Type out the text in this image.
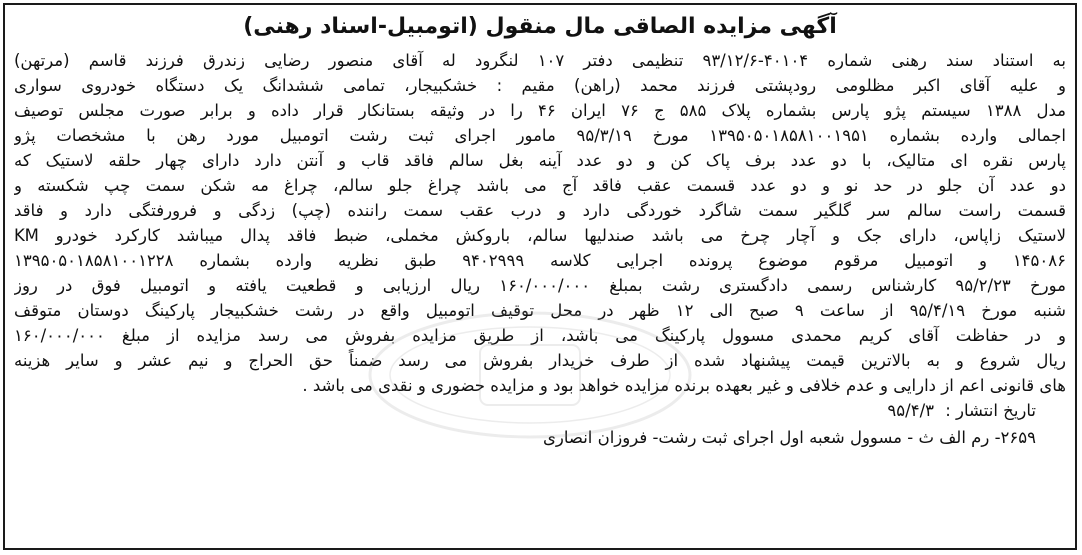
آگهی مزایده الصاقی مال منقول (اتومبیل-اسناد رهنی)
به استناد سند رهنی شماره ۴۰۱۰۴-۹۳/۱۲/۶ تنظیمی دفتر ۱۰۷ لنگرود له آقای منصور رضایی زندرق فرزند قاسم (مرتهن)
و علیه آقای اکبر مظلومی رودپشتی فرزند محمد (راهن) مقیم : خشکبیجار، تمامی ششدانگ یک دستگاه خودروی سواری
مدل ۱۳۸۸ سیستم پژو پارس بشماره پلاک ۵۸۵ ج ۷۶ ایران ۴۶ را در وثیقه بستانکار قرار داده و برابر صورت مجلس توصیف
اجمالی وارده بشماره ۱۳۹۵۰۵۰۱۸۵۸۱۰۰۱۹۵۱ مورخ ۹۵/۳/۱۹ مامور اجرای ثبت رشت اتومبیل مورد رهن با مشخصات پژو
پارس نقره ای متالیک، با دو عدد برف پاک کن و دو عدد آینه بغل سالم فاقد قاب و آنتن دارد دارای چهار حلقه لاستیک که
دو عدد آن جلو در حد نو و دو عدد قسمت عقب فاقد آج می باشد چراغ جلو سالم، چراغ مه شکن سمت چپ شکسته و
قسمت راست سالم سر گلگیر سمت شاگرد خوردگی دارد و درب عقب سمت راننده (چپ) زدگی و فرورفتگی دارد و فاقد
لاستیک زاپاس، دارای جک و آچار چرخ می باشد صندلیها سالم، باروکش مخملی، ضبط فاقد پدال میباشد کارکرد خودرو KM
۱۴۵۰۸۶ و اتومبیل مرقوم موضوع پرونده اجرایی کلاسه ۹۴۰۲۹۹۹ طبق نظریه وارده بشماره ۱۳۹۵۰۵۰۱۸۵۸۱۰۰۱۲۲۸
مورخ ۹۵/۲/۲۳ کارشناس رسمی دادگستری رشت بمبلغ ۱۶۰/۰۰۰/۰۰۰ ریال ارزیابی و قطعیت یافته و اتومبیل فوق در روز
شنبه مورخ ۹۵/۴/۱۹ از ساعت ۹ صبح الی ۱۲ ظهر در محل توقیف اتومبیل واقع در رشت خشکبیجار پارکینگ دوستان متوقف
و در حفاظت آقای کریم محمدی مسوول پارکینگ می باشد، از طریق مزایده بفروش می رسد مزایده از مبلغ ۱۶۰/۰۰۰/۰۰۰
ریال شروع و به بالاترین قیمت پیشنهاد شده از طرف خریدار بفروش می رسد ضمناً حق الحراج و نیم عشر و سایر هزینه
های قانونی اعم از دارایی و عدم خلافی و غیر بعهده برنده مزایده خواهد بود و مزایده حضوری و نقدی می باشد .
تاریخ انتشار : ۹۵/۴/۳
۲۶۵۹- رم الف ث - مسوول شعبه اول اجرای ثبت رشت- فروزان انصاری
